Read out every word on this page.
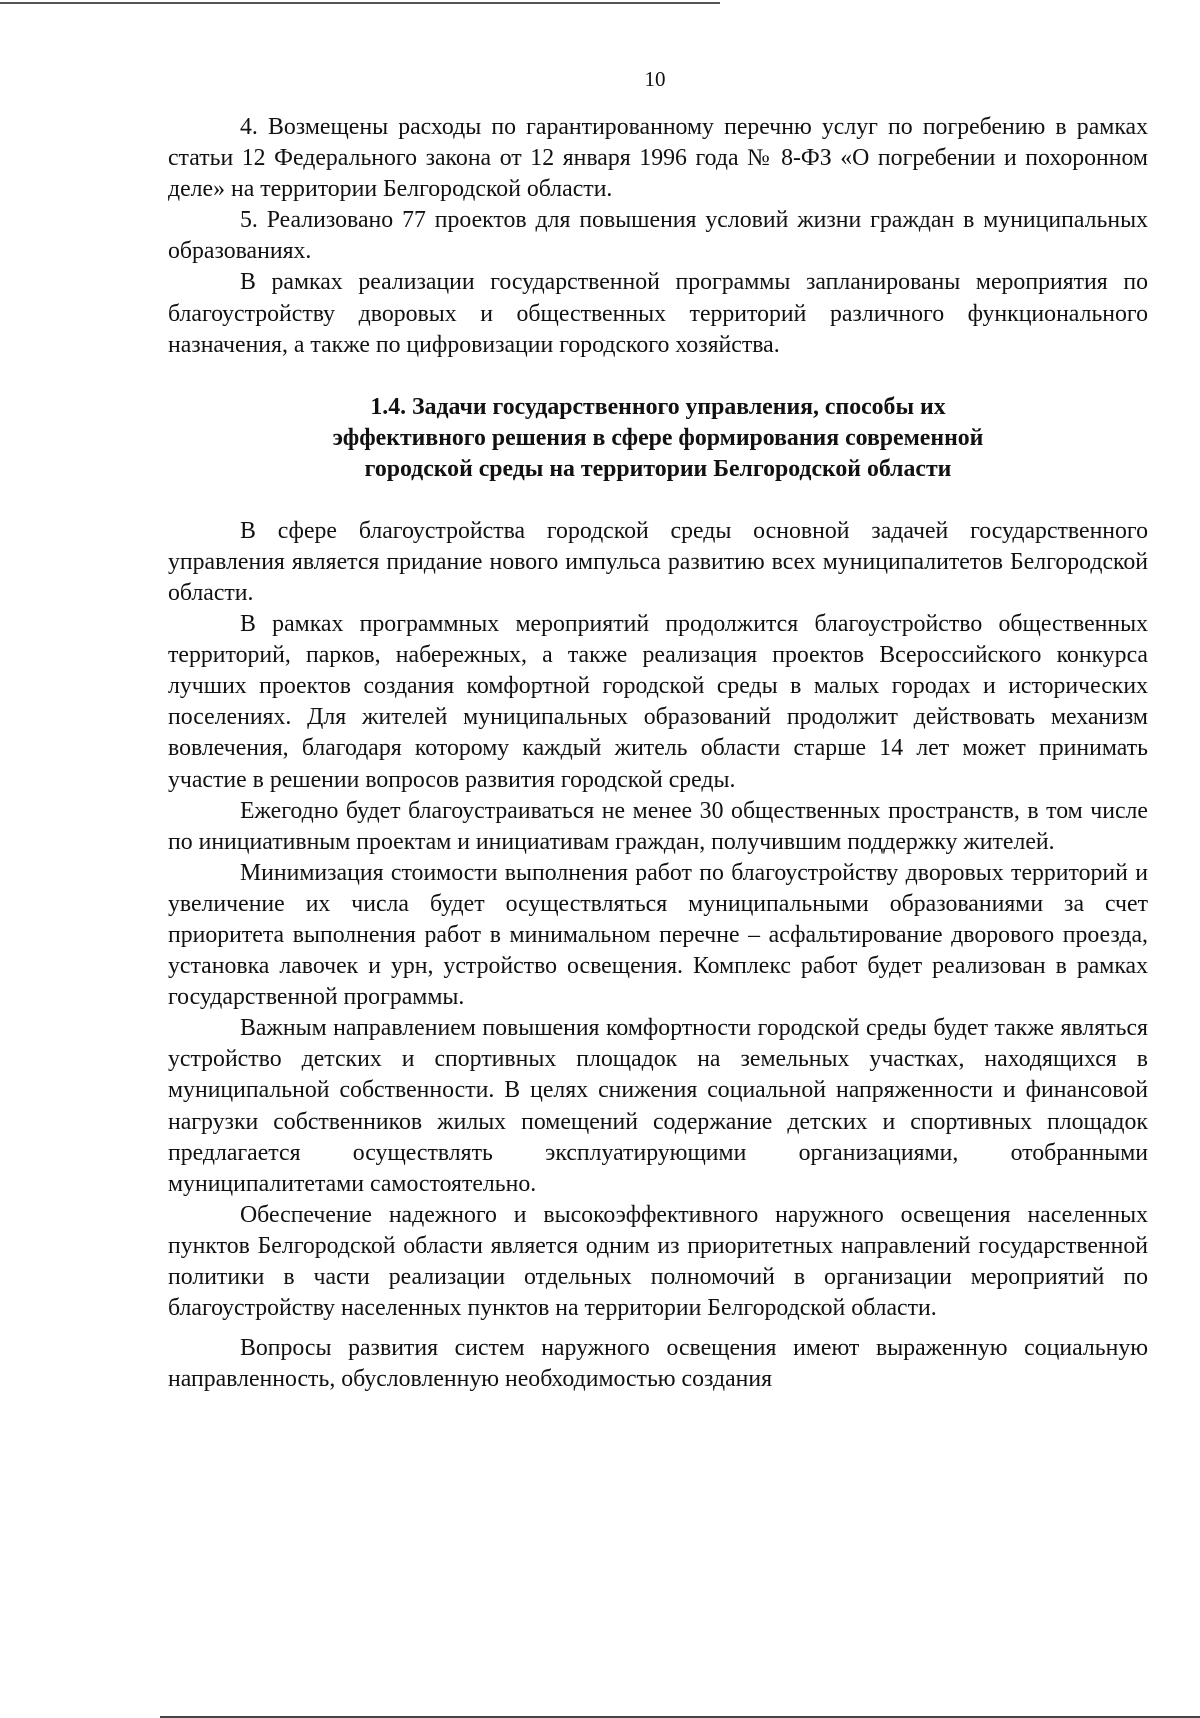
10

4. Возмещены расходы по гарантированному перечню услуг по погребению в рамках статьи 12 Федерального закона от 12 января 1996 года № 8-ФЗ «О погребении и похоронном деле» на территории Белгородской области.

5. Реализовано 77 проектов для повышения условий жизни граждан в муниципальных образованиях.

В рамках реализации государственной программы запланированы мероприятия по благоустройству дворовых и общественных территорий различного функционального назначения, а также по цифровизации городского хозяйства.

1.4. Задачи государственного управления, способы их
эффективного решения в сфере формирования современной
городской среды на территории Белгородской области

В сфере благоустройства городской среды основной задачей государственного управления является придание нового импульса развитию всех муниципалитетов Белгородской области.

В рамках программных мероприятий продолжится благоустройство общественных территорий, парков, набережных, а также реализация проектов Всероссийского конкурса лучших проектов создания комфортной городской среды в малых городах и исторических поселениях. Для жителей муниципальных образований продолжит действовать механизм вовлечения, благодаря которому каждый житель области старше 14 лет может принимать участие в решении вопросов развития городской среды.

Ежегодно будет благоустраиваться не менее 30 общественных пространств, в том числе по инициативным проектам и инициативам граждан, получившим поддержку жителей.

Минимизация стоимости выполнения работ по благоустройству дворовых территорий и увеличение их числа будет осуществляться муниципальными образованиями за счет приоритета выполнения работ в минимальном перечне – асфальтирование дворового проезда, установка лавочек и урн, устройство освещения. Комплекс работ будет реализован в рамках государственной программы.

Важным направлением повышения комфортности городской среды будет также являться устройство детских и спортивных площадок на земельных участках, находящихся в муниципальной собственности. В целях снижения социальной напряженности и финансовой нагрузки собственников жилых помещений содержание детских и спортивных площадок предлагается осуществлять эксплуатирующими организациями, отобранными муниципалитетами самостоятельно.

Обеспечение надежного и высокоэффективного наружного освещения населенных пунктов Белгородской области является одним из приоритетных направлений государственной политики в части реализации отдельных полномочий в организации мероприятий по благоустройству населенных пунктов на территории Белгородской области.

Вопросы развития систем наружного освещения имеют выраженную социальную направленность, обусловленную необходимостью создания
